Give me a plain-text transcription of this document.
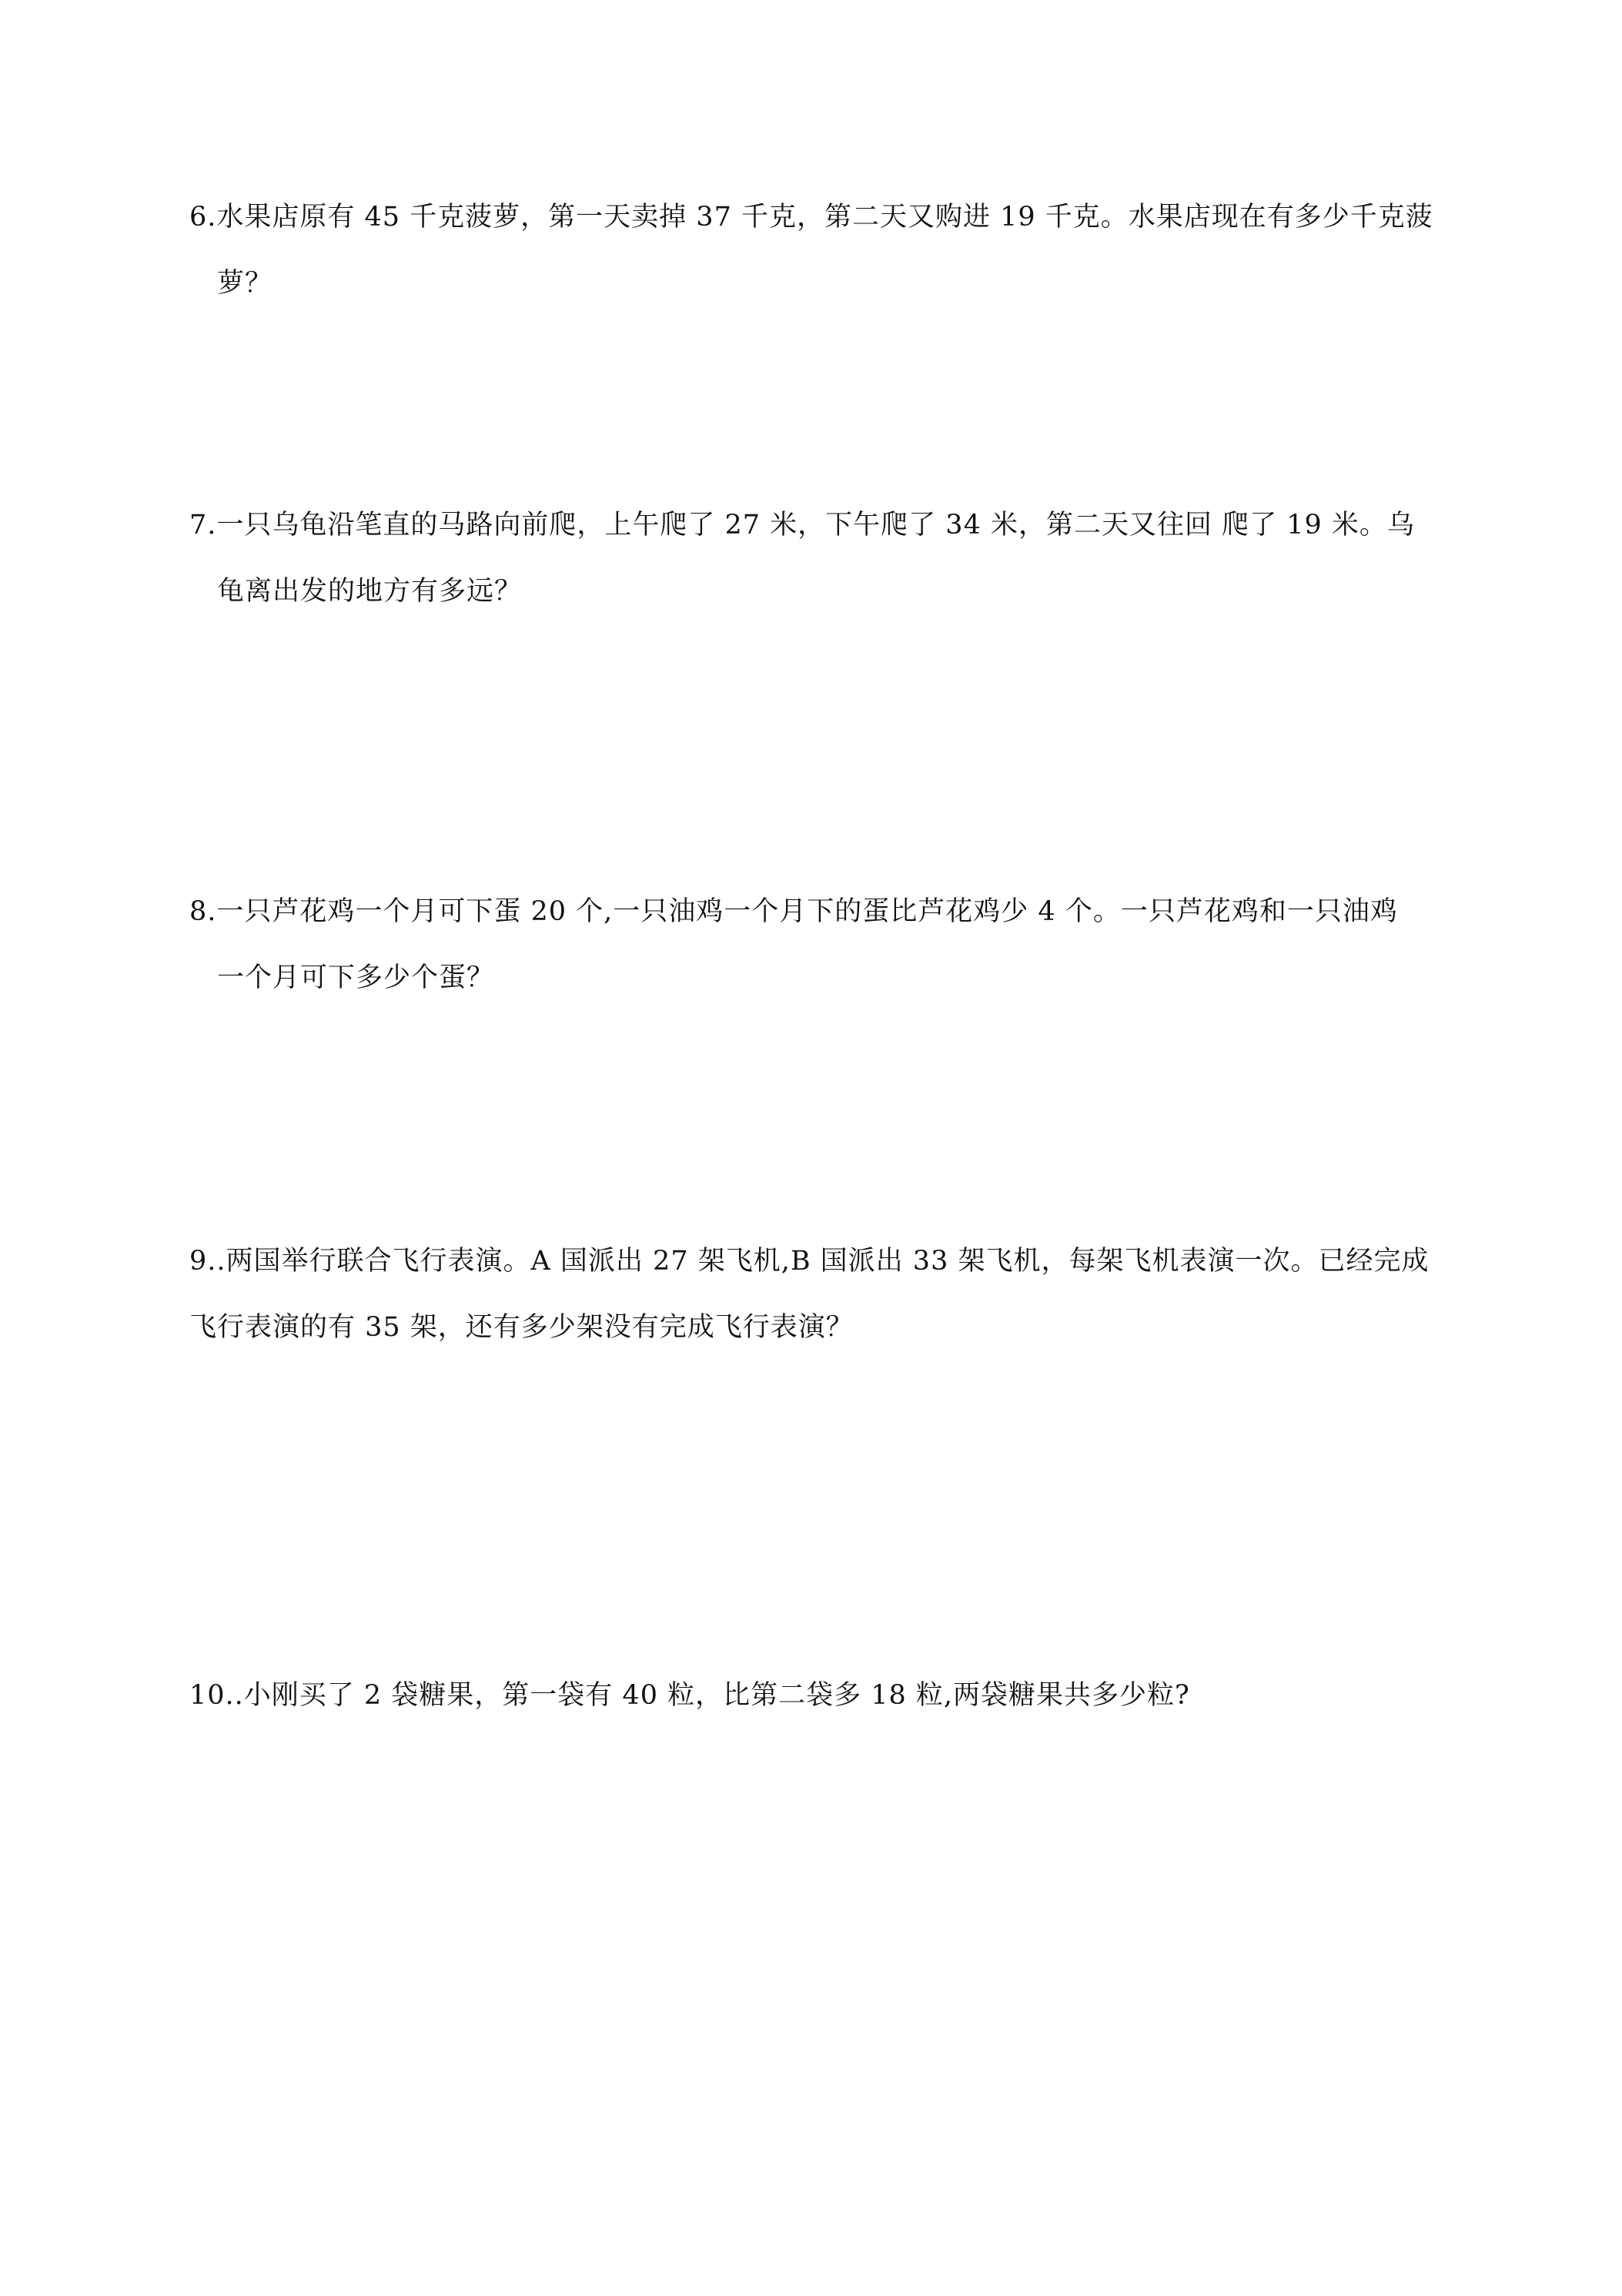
6.水果店原有 45 千克菠萝，第一天卖掉 37 千克，第二天又购进 19 千克。水果店现在有多少千克菠
萝？
7.一只乌龟沿笔直的马路向前爬，上午爬了 27 米，下午爬了 34 米，第二天又往回 爬了 19 米。乌
龟离出发的地方有多远？
8.一只芦花鸡一个月可下蛋 20 个,一只油鸡一个月下的蛋比芦花鸡少 4 个。一只芦花鸡和一只油鸡
一个月可下多少个蛋？
9..两国举行联合飞行表演。A 国派出 27 架飞机,B 国派出 33 架飞机，每架飞机表演一次。已经完成
飞行表演的有 35 架，还有多少架没有完成飞行表演？
10..小刚买了 2 袋糖果，第一袋有 40 粒，比第二袋多 18 粒,两袋糖果共多少粒?
